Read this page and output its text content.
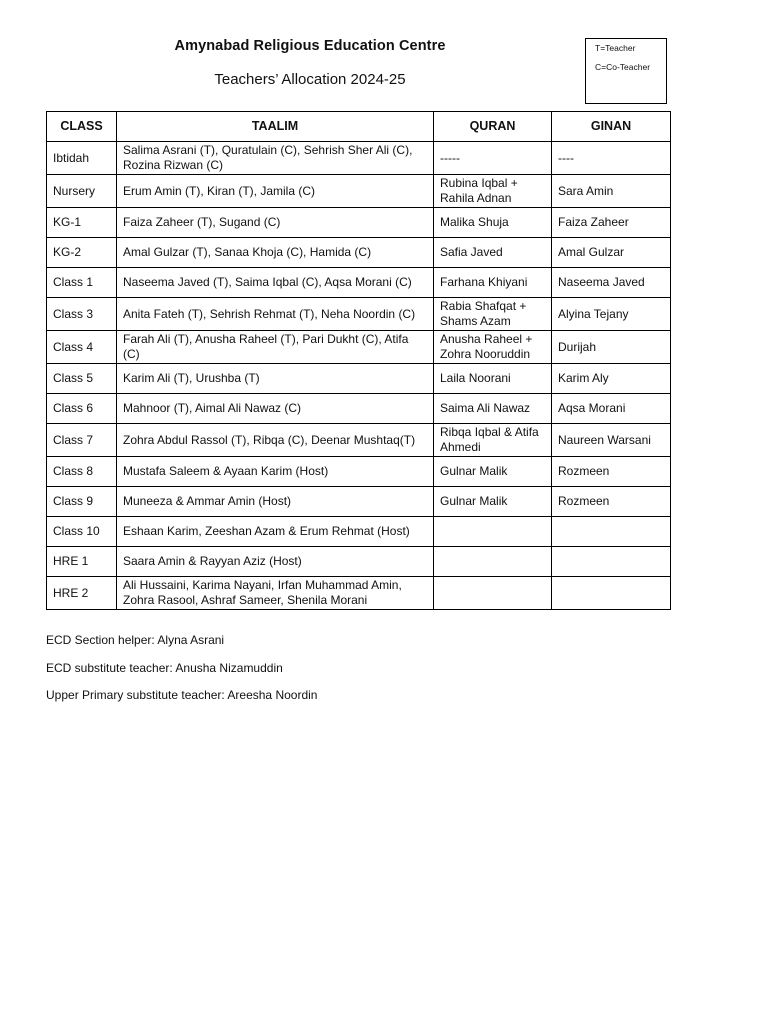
Amynabad Religious Education Centre
Teachers’ Allocation 2024-25
T=Teacher
C=Co-Teacher
CLASS	TAALIM	QURAN	GINAN
Ibtidah	Salima Asrani (T), Quratulain (C), Sehrish Sher Ali (C), Rozina Rizwan (C)	-----	----
Nursery	Erum Amin (T), Kiran (T), Jamila (C)	Rubina Iqbal + Rahila Adnan	Sara Amin
KG-1	Faiza Zaheer (T), Sugand (C)	Malika Shuja	Faiza Zaheer
KG-2	Amal Gulzar (T), Sanaa Khoja (C), Hamida (C)	Safia Javed	Amal Gulzar
Class 1	Naseema Javed (T), Saima Iqbal (C), Aqsa Morani (C)	Farhana Khiyani	Naseema Javed
Class 3	Anita Fateh (T), Sehrish Rehmat (T), Neha Noordin (C)	Rabia Shafqat + Shams Azam	Alyina Tejany
Class 4	Farah Ali (T), Anusha Raheel (T), Pari Dukht (C), Atifa (C)	Anusha Raheel + Zohra Nooruddin	Durijah
Class 5	Karim Ali (T), Urushba (T)	Laila Noorani	Karim Aly
Class 6	Mahnoor (T), Aimal Ali Nawaz (C)	Saima Ali Nawaz	Aqsa Morani
Class 7	Zohra Abdul Rassol (T), Ribqa (C), Deenar Mushtaq(T)	Ribqa Iqbal & Atifa Ahmedi	Naureen Warsani
Class 8	Mustafa Saleem & Ayaan Karim (Host)	Gulnar Malik	Rozmeen
Class 9	Muneeza & Ammar Amin (Host)	Gulnar Malik	Rozmeen
Class 10	Eshaan Karim, Zeeshan Azam & Erum Rehmat (Host)		
HRE 1	Saara Amin & Rayyan Aziz (Host)		
HRE 2	Ali Hussaini, Karima Nayani, Irfan Muhammad Amin, Zohra Rasool, Ashraf Sameer, Shenila Morani		
ECD Section helper: Alyna Asrani
ECD substitute teacher: Anusha Nizamuddin
Upper Primary substitute teacher: Areesha Noordin
